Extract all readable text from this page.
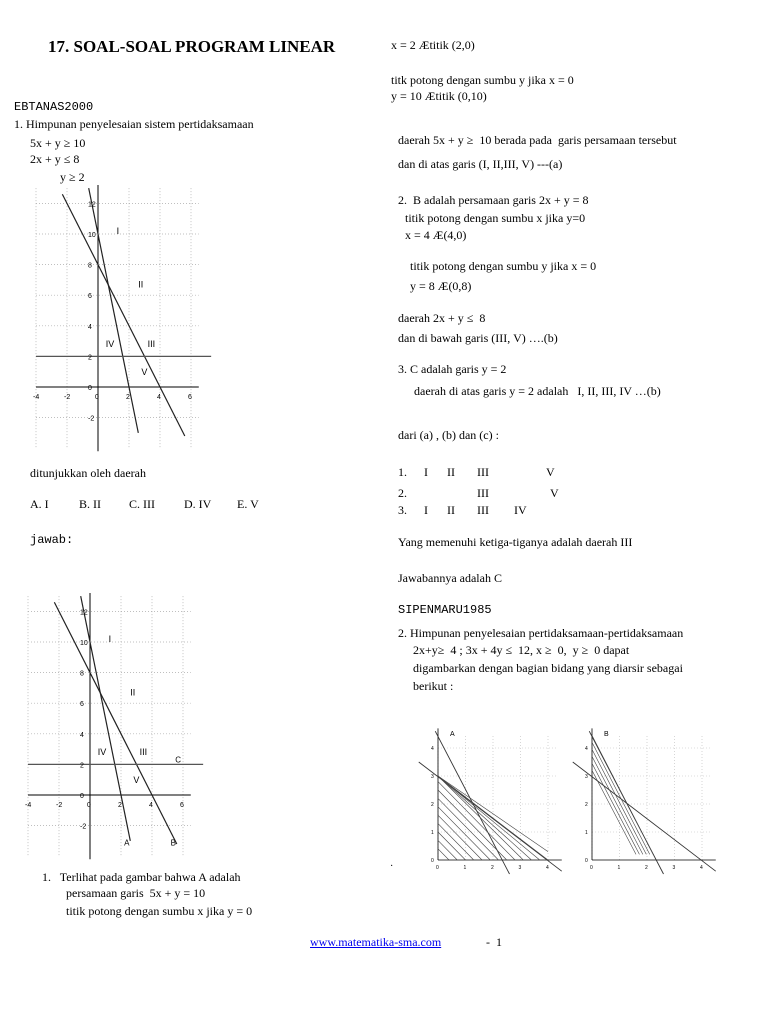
17. SOAL-SOAL PROGRAM LINEAR
EBTANAS2000
1. Himpunan penyelesaian sistem pertidaksamaan
5x + y ≥ 10
2x + y ≤ 8
y ≥ 2
-4	-2	0	2	4	6
12
10
8
6
4
2
0
-2
I
II
III
IV
V
ditunjukkan oleh daerah
A. I	B. II C. III D. IV E. V
jawab:
-4	-2	0	2	4	6
12
10
8
6
4
2
0
-2
I
II
III
IV
V
A	B
C
1.   Terlihat pada gambar bahwa A adalah
persamaan garis  5x + y = 10
titik potong dengan sumbu x jika y = 0
x = 2 Ætitik (2,0)
titk potong dengan sumbu y jika x = 0
y = 10 Ætitik (0,10)
daerah 5x + y ≥  10 berada pada  garis persamaan tersebut
dan di atas garis (I, II,III, V) ---(a)
2.  B adalah persamaan garis 2x + y = 8
titik potong dengan sumbu x jika y=0
x = 4 Æ(4,0)
titik potong dengan sumbu y jika x = 0
y = 8 Æ(0,8)
daerah 2x + y ≤  8
dan di bawah garis (III, V) ….(b)
3. C adalah garis y = 2
daerah di atas garis y = 2 adalah   I, II, III, IV …(b)
dari (a) , (b) dan (c) :
1. I II III	V
2.	III	V
3. I II III IV
Yang memenuhi ketiga-tiganya adalah daerah III
Jawabannya adalah C
SIPENMARU1985
2. Himpunan penyelesaian pertidaksamaan-pertidaksamaan
2x+y≥  4 ; 3x + 4y ≤  12, x ≥  0,  y ≥  0 dapat
digambarkan dengan bagian bidang yang diarsir sebagai
berikut :
0	1	2	3	4
4
3
2
1
0
A
0	1	2	3	4
4
3
2
1
0
B
·
www.matematika-sma.com	-  1
